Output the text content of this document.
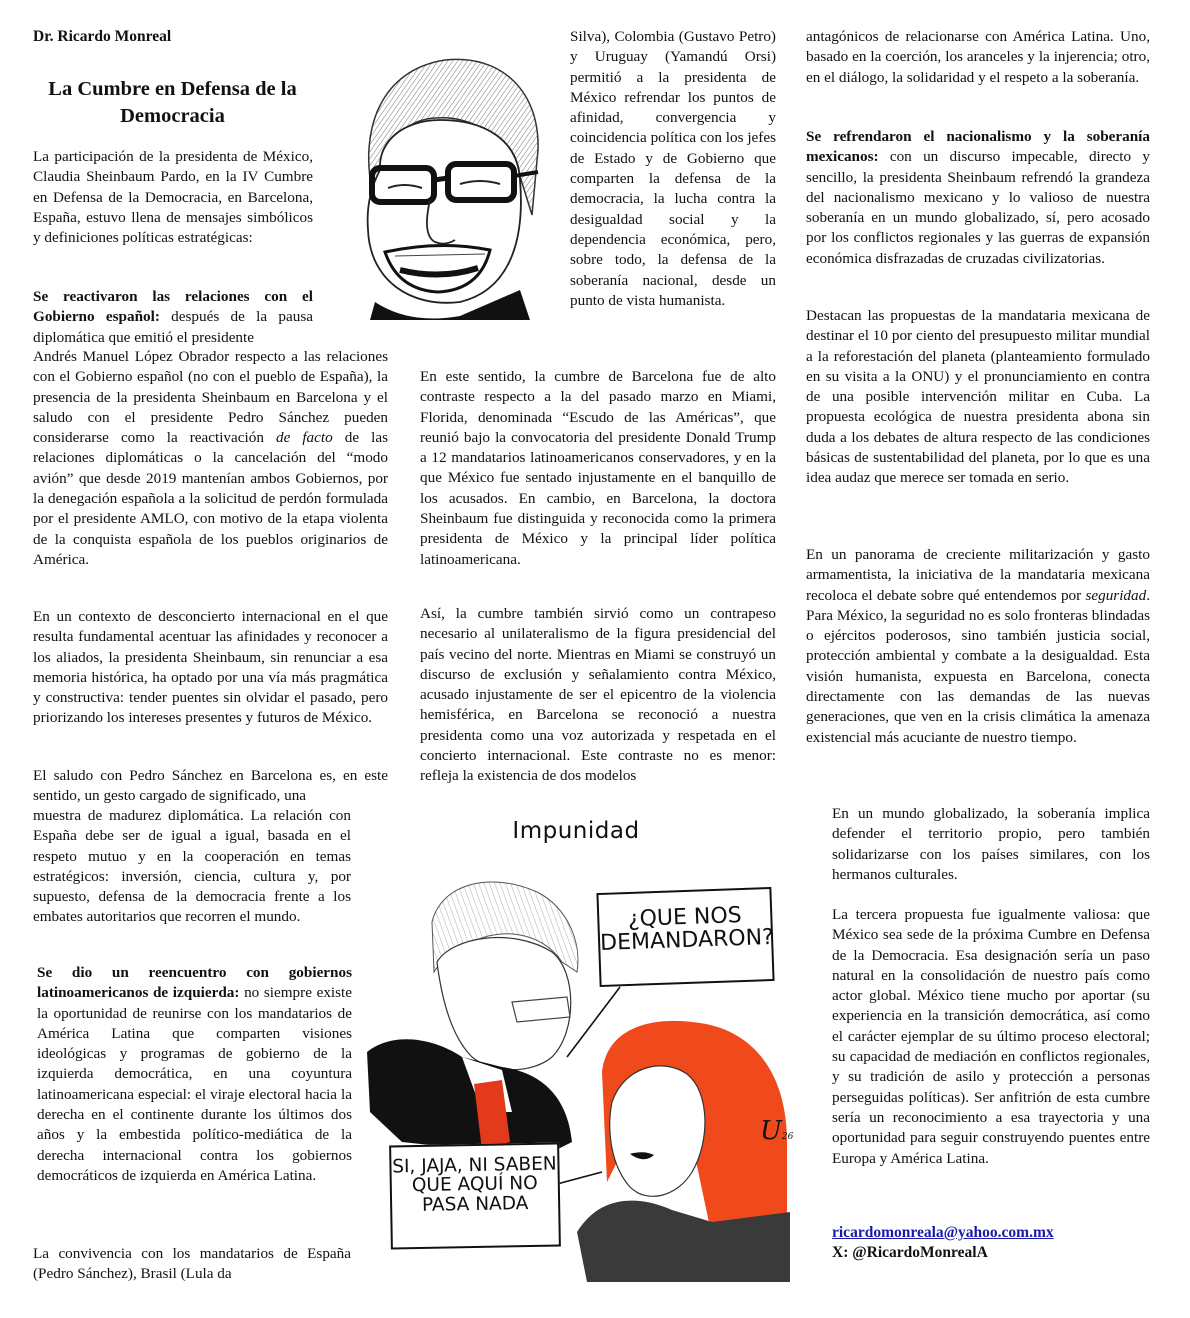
Dr. Ricardo Monreal
La Cumbre en Defensa de la Democracia

La participación de la presidenta de México, Claudia Sheinbaum Pardo, en la IV Cumbre en Defensa de la Democracia, en Barcelona, España, estuvo llena de mensajes simbólicos y definiciones políticas estratégicas:

Se reactivaron las relaciones con el Gobierno español: después de la pausa diplomática que emitió el presidente

Andrés Manuel López Obrador respecto a las relaciones con el Gobierno español (no con el pueblo de España), la presencia de la presidenta Sheinbaum en Barcelona y el saludo con el presidente Pedro Sánchez pueden considerarse como la reactivación de facto de las relaciones diplomáticas o la cancelación del “modo avión” que desde 2019 mantenían ambos Gobiernos, por la denegación española a la solicitud de perdón formulada por el presidente AMLO, con motivo de la etapa violenta de la conquista española de los pueblos originarios de América.

En un contexto de desconcierto internacional en el que resulta fundamental acentuar las afinidades y reconocer a los aliados, la presidenta Sheinbaum, sin renunciar a esa memoria histórica, ha optado por una vía más pragmática y constructiva: tender puentes sin olvidar el pasado, pero priorizando los intereses presentes y futuros de México.

El saludo con Pedro Sánchez en Barcelona es, en este sentido, un gesto cargado de significado, una

muestra de madurez diplomática. La relación con España debe ser de igual a igual, basada en el respeto mutuo y en la cooperación en temas estratégicos: inversión, ciencia, cultura y, por supuesto, defensa de la democracia frente a los embates autoritarios que recorren el mundo.

Se dio un reencuentro con gobiernos latinoamericanos de izquierda: no siempre existe la oportunidad de reunirse con los mandatarios de América Latina que comparten visiones ideológicas y programas de gobierno de la izquierda democrática, en una coyuntura latinoamericana especial: el viraje electoral hacia la derecha en el continente durante los últimos dos años y la embestida político-mediática de la derecha internacional contra los gobiernos democráticos de izquierda en América Latina.

La convivencia con los mandatarios de España (Pedro Sánchez), Brasil (Lula da

Silva), Colombia (Gustavo Petro) y Uruguay (Yamandú Orsi) permitió a la presidenta de México refrendar los puntos de afinidad, convergencia y coincidencia política con los jefes de Estado y de Gobierno que comparten la defensa de la democracia, la lucha contra la desigualdad social y la dependencia económica, pero, sobre todo, la defensa de la soberanía nacional, desde un punto de vista humanista.

En este sentido, la cumbre de Barcelona fue de alto contraste respecto a la del pasado marzo en Miami, Florida, denominada “Escudo de las Américas”, que reunió bajo la convocatoria del presidente Donald Trump a 12 mandatarios latinoamericanos conservadores, y en la que México fue sentado injustamente en el banquillo de los acusados. En cambio, en Barcelona, la doctora Sheinbaum fue distinguida y reconocida como la primera presidenta de México y la principal líder política latinoamericana.

Así, la cumbre también sirvió como un contrapeso necesario al unilateralismo de la figura presidencial del país vecino del norte. Mientras en Miami se construyó un discurso de exclusión y señalamiento contra México, acusado injustamente de ser el epicentro de la violencia hemisférica, en Barcelona se reconoció a nuestra presidenta como una voz autorizada y respetada en el concierto internacional. Este contraste no es menor: refleja la existencia de dos modelos

antagónicos de relacionarse con América Latina. Uno, basado en la coerción, los aranceles y la injerencia; otro, en el diálogo, la solidaridad y el respeto a la soberanía.

Se refrendaron el nacionalismo y la soberanía mexicanos: con un discurso impecable, directo y sencillo, la presidenta Sheinbaum refrendó la grandeza del nacionalismo mexicano y lo valioso de nuestra soberanía en un mundo globalizado, sí, pero acosado por los conflictos regionales y las guerras de expansión económica disfrazadas de cruzadas civilizatorias.

Destacan las propuestas de la mandataria mexicana de destinar el 10 por ciento del presupuesto militar mundial a la reforestación del planeta (planteamiento formulado en su visita a la ONU) y el pronunciamiento en contra de una posible intervención militar en Cuba. La propuesta ecológica de nuestra presidenta abona sin duda a los debates de altura respecto de las condiciones básicas de sustentabilidad del planeta, por lo que es una idea audaz que merece ser tomada en serio.

En un panorama de creciente militarización y gasto armamentista, la iniciativa de la mandataria mexicana recoloca el debate sobre qué entendemos por seguridad. Para México, la seguridad no es solo fronteras blindadas o ejércitos poderosos, sino también justicia social, protección ambiental y combate a la desigualdad. Esta visión humanista, expuesta en Barcelona, conecta directamente con las demandas de las nuevas generaciones, que ven en la crisis climática la amenaza existencial más acuciante de nuestro tiempo.

En un mundo globalizado, la soberanía implica defender el territorio propio, pero también solidarizarse con los países similares, con los hermanos culturales.

La tercera propuesta fue igualmente valiosa: que México sea sede de la próxima Cumbre en Defensa de la Democracia. Esa designación sería un paso natural en la consolidación de nuestro país como actor global. México tiene mucho por aportar (su experiencia en la transición democrática, así como el carácter ejemplar de su último proceso electoral; su capacidad de mediación en conflictos regionales, y su tradición de asilo y protección a personas perseguidas políticas). Ser anfitrión de esta cumbre sería un reconocimiento a esa trayectoria y una oportunidad para seguir construyendo puentes entre Europa y América Latina.

ricardomonreala@yahoo.com.mx
X: @RicardoMonrealA
Impunidad
¿QUE NOS DEMANDARON?
SI, JAJA, NI SABEN QUE AQUÍ NO PASA NADA
U26
